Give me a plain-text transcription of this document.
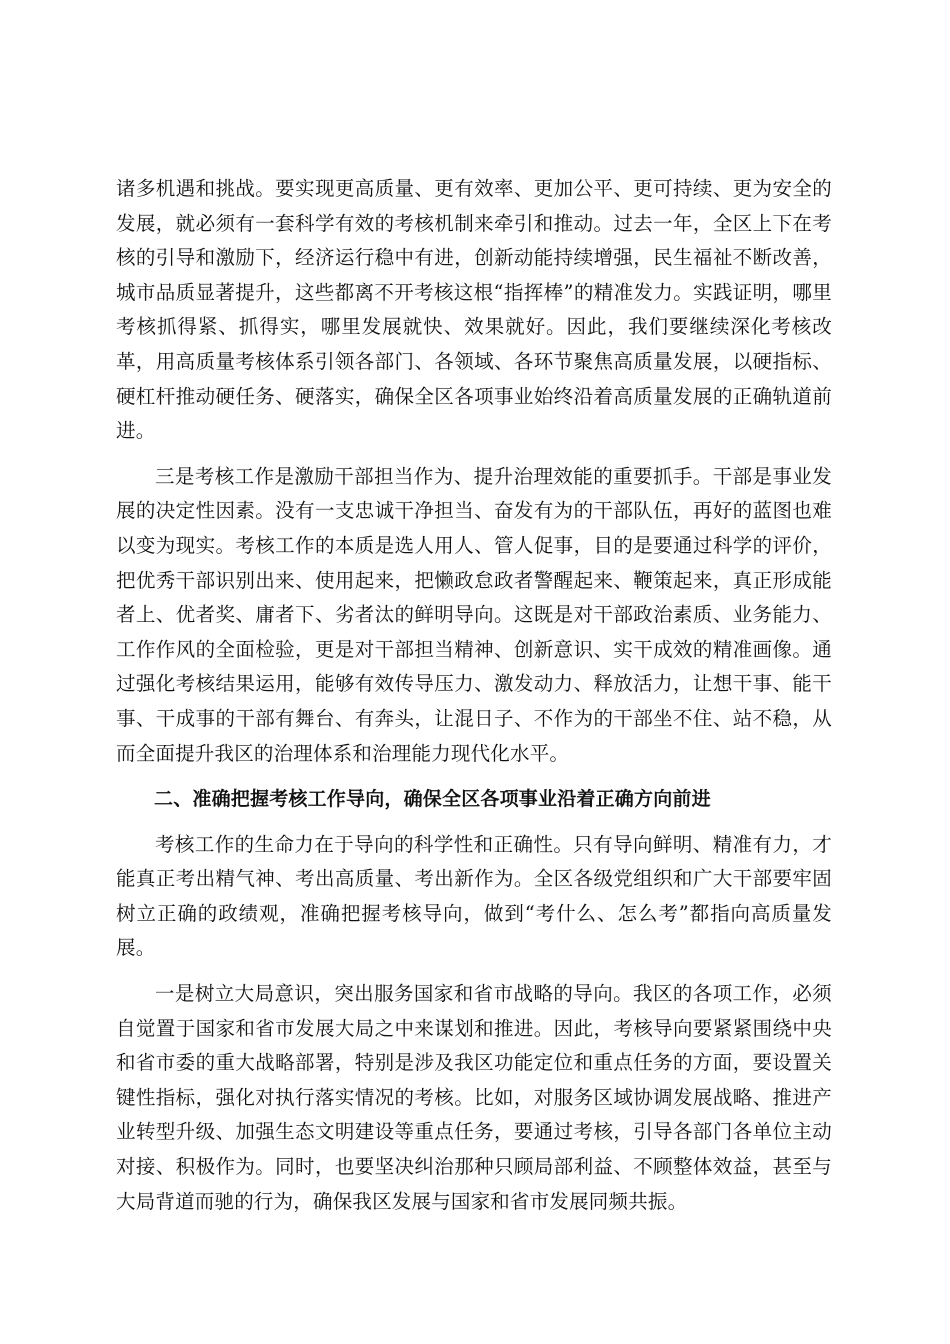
诸多机遇和挑战。要实现更高质量、更有效率、更加公平、更可持续、更为安全的发展，就必须有一套科学有效的考核机制来牵引和推动。过去一年，全区上下在考核的引导和激励下，经济运行稳中有进，创新动能持续增强，民生福祉不断改善，城市品质显著提升，这些都离不开考核这根“指挥棒”的精准发力。实践证明，哪里考核抓得紧、抓得实，哪里发展就快、效果就好。因此，我们要继续深化考核改革，用高质量考核体系引领各部门、各领域、各环节聚焦高质量发展，以硬指标、硬杠杆推动硬任务、硬落实，确保全区各项事业始终沿着高质量发展的正确轨道前进。

三是考核工作是激励干部担当作为、提升治理效能的重要抓手。干部是事业发展的决定性因素。没有一支忠诚干净担当、奋发有为的干部队伍，再好的蓝图也难以变为现实。考核工作的本质是选人用人、管人促事，目的是要通过科学的评价，把优秀干部识别出来、使用起来，把懒政怠政者警醒起来、鞭策起来，真正形成能者上、优者奖、庸者下、劣者汰的鲜明导向。这既是对干部政治素质、业务能力、工作作风的全面检验，更是对干部担当精神、创新意识、实干成效的精准画像。通过强化考核结果运用，能够有效传导压力、激发动力、释放活力，让想干事、能干事、干成事的干部有舞台、有奔头，让混日子、不作为的干部坐不住、站不稳，从而全面提升我区的治理体系和治理能力现代化水平。

二、准确把握考核工作导向，确保全区各项事业沿着正确方向前进

考核工作的生命力在于导向的科学性和正确性。只有导向鲜明、精准有力，才能真正考出精气神、考出高质量、考出新作为。全区各级党组织和广大干部要牢固树立正确的政绩观，准确把握考核导向，做到“考什么、怎么考”都指向高质量发展。

一是树立大局意识，突出服务国家和省市战略的导向。我区的各项工作，必须自觉置于国家和省市发展大局之中来谋划和推进。因此，考核导向要紧紧围绕中央和省市委的重大战略部署，特别是涉及我区功能定位和重点任务的方面，要设置关键性指标，强化对执行落实情况的考核。比如，对服务区域协调发展战略、推进产业转型升级、加强生态文明建设等重点任务，要通过考核，引导各部门各单位主动对接、积极作为。同时，也要坚决纠治那种只顾局部利益、不顾整体效益，甚至与大局背道而驰的行为，确保我区发展与国家和省市发展同频共振。
